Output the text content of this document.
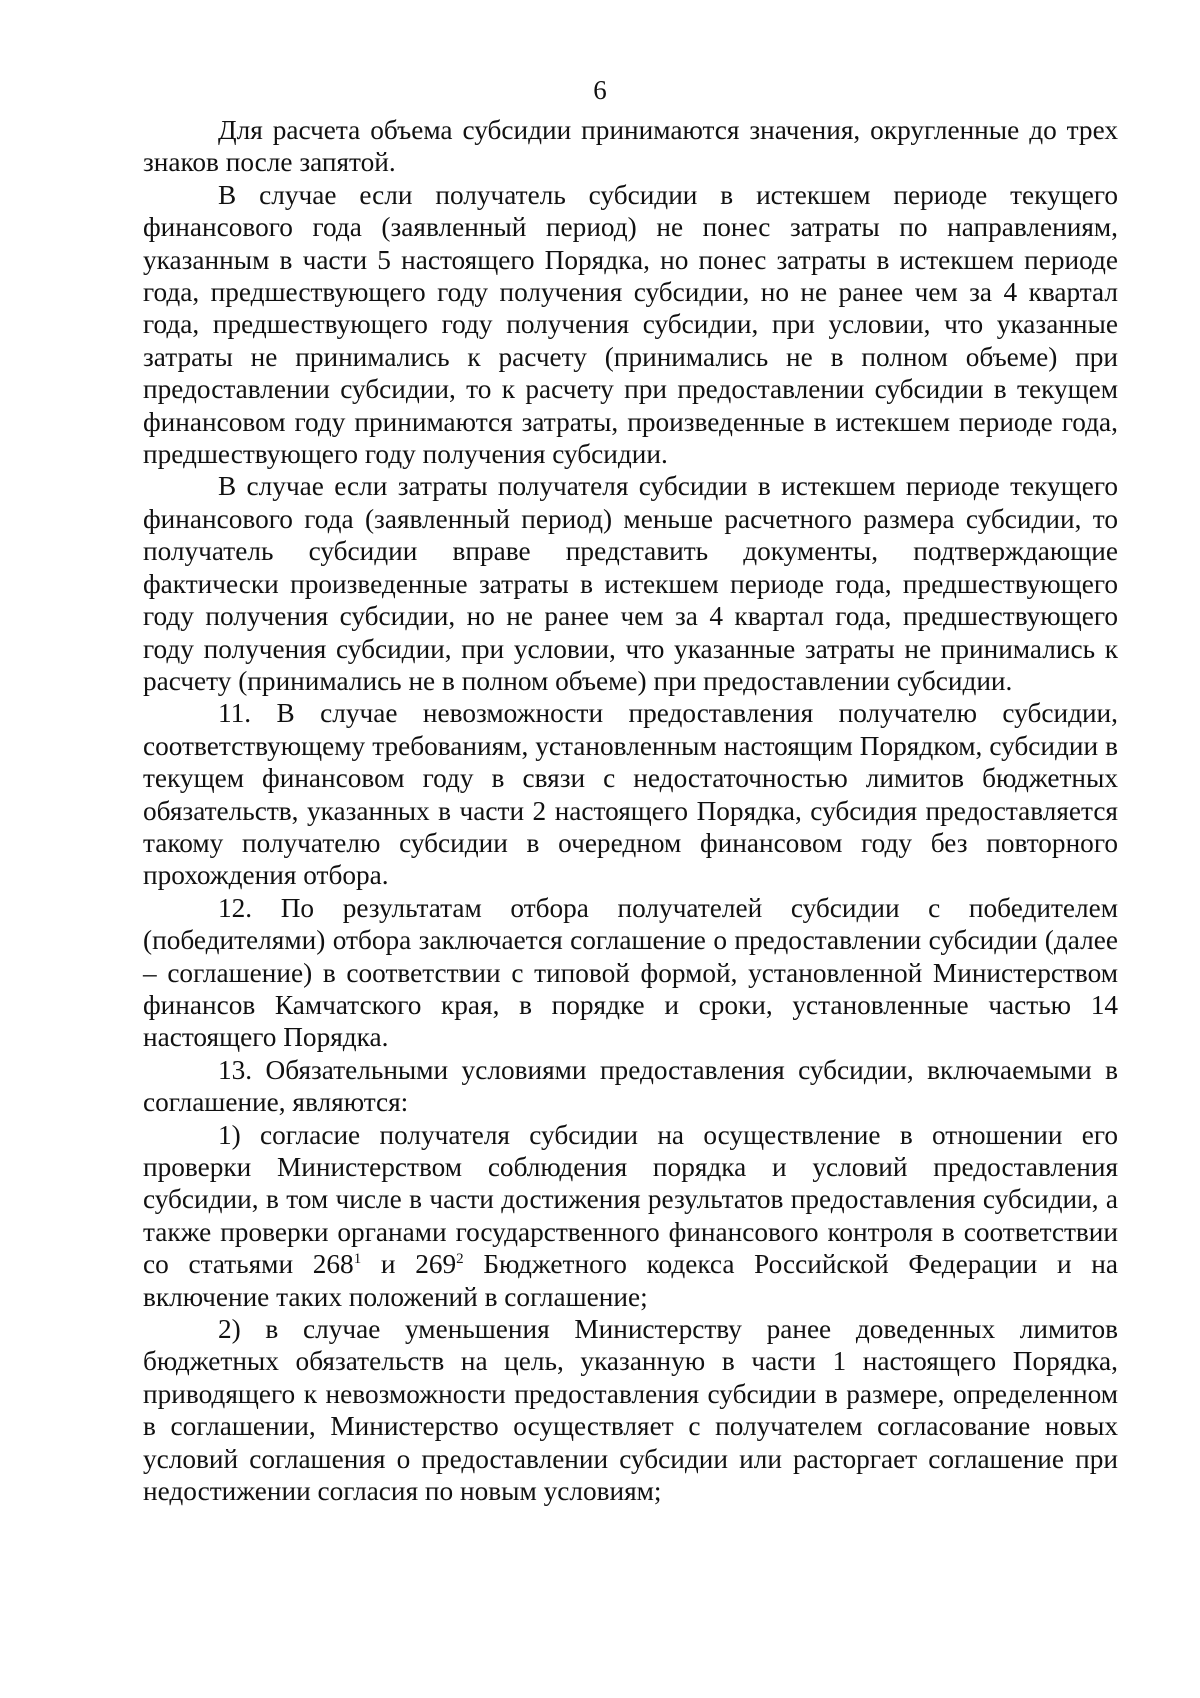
6

Для расчета объема субсидии принимаются значения, округленные до трех знаков после запятой.

В случае если получатель субсидии в истекшем периоде текущего финансового года (заявленный период) не понес затраты по направлениям, указанным в части 5 настоящего Порядка, но понес затраты в истекшем периоде года, предшествующего году получения субсидии, но не ранее чем за 4 квартал года, предшествующего году получения субсидии, при условии, что указанные затраты не принимались к расчету (принимались не в полном объеме) при предоставлении субсидии, то к расчету при предоставлении субсидии в текущем финансовом году принимаются затраты, произведенные в истекшем периоде года, предшествующего году получения субсидии.

В случае если затраты получателя субсидии в истекшем периоде текущего финансового года (заявленный период) меньше расчетного размера субсидии, то получатель субсидии вправе представить документы, подтверждающие фактически произведенные затраты в истекшем периоде года, предшествующего году получения субсидии, но не ранее чем за 4 квартал года, предшествующего году получения субсидии, при условии, что указанные затраты не принимались к расчету (принимались не в полном объеме) при предоставлении субсидии.

11. В случае невозможности предоставления получателю субсидии, соответствующему требованиям, установленным настоящим Порядком, субсидии в текущем финансовом году в связи с недостаточностью лимитов бюджетных обязательств, указанных в части 2 настоящего Порядка, субсидия предоставляется такому получателю субсидии в очередном финансовом году без повторного прохождения отбора.

12. По результатам отбора получателей субсидии с победителем (победителями) отбора заключается соглашение о предоставлении субсидии (далее – соглашение) в соответствии с типовой формой, установленной Министерством финансов Камчатского края, в порядке и сроки, установленные частью 14 настоящего Порядка.

13. Обязательными условиями предоставления субсидии, включаемыми в соглашение, являются:

1) согласие получателя субсидии на осуществление в отношении его проверки Министерством соблюдения порядка и условий предоставления субсидии, в том числе в части достижения результатов предоставления субсидии, а также проверки органами государственного финансового контроля в соответствии со статьями $268^1$ и $269^2$ Бюджетного кодекса Российской Федерации и на включение таких положений в соглашение;

2) в случае уменьшения Министерству ранее доведенных лимитов бюджетных обязательств на цель, указанную в части 1 настоящего Порядка, приводящего к невозможности предоставления субсидии в размере, определенном в соглашении, Министерство осуществляет с получателем согласование новых условий соглашения о предоставлении субсидии или расторгает соглашение при недостижении согласия по новым условиям;
